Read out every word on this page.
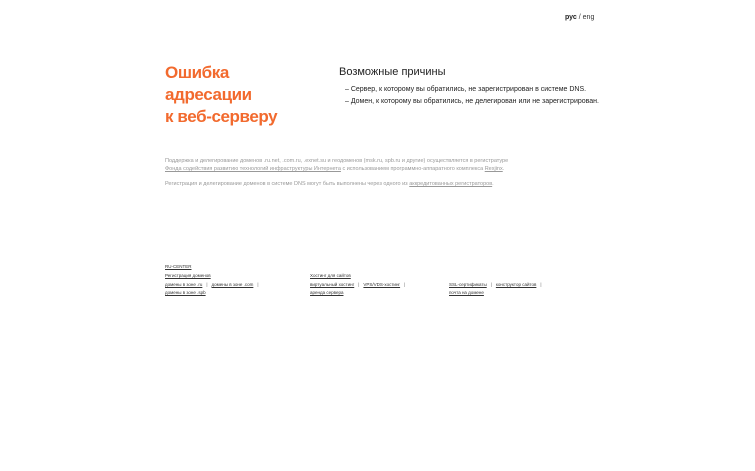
рус / eng
Ошибка
адресации
к веб-серверу
Возможные причины
– Сервер, к которому вы обратились, не зарегистрирован в системе DNS.
– Домен, к которому вы обратились, не делегирован или не зарегистрирован.

Поддержка и делегирование доменов .ru.net, .com.ru, .exnet.su и геодоменов (msk.ru, spb.ru и другие) осуществляется в регистратуре
Фонда содействия развитию технологий инфраструктуры Интернета с использованием программно-аппаратного комплекса Rexjinx.

Регистрация и делегирование доменов в системе DNS могут быть выполнены через одного из аккредитованных регистраторов.

RU-CENTER
Регистрация доменов
домены в зоне .ru | домены в зоне .com |
домены в зоне .spb
Хостинг для сайтов
виртуальный хостинг | VPS/VDS-хостинг |
аренда сервера
SSL-сертификаты | конструктор сайтов |
почта на домене
